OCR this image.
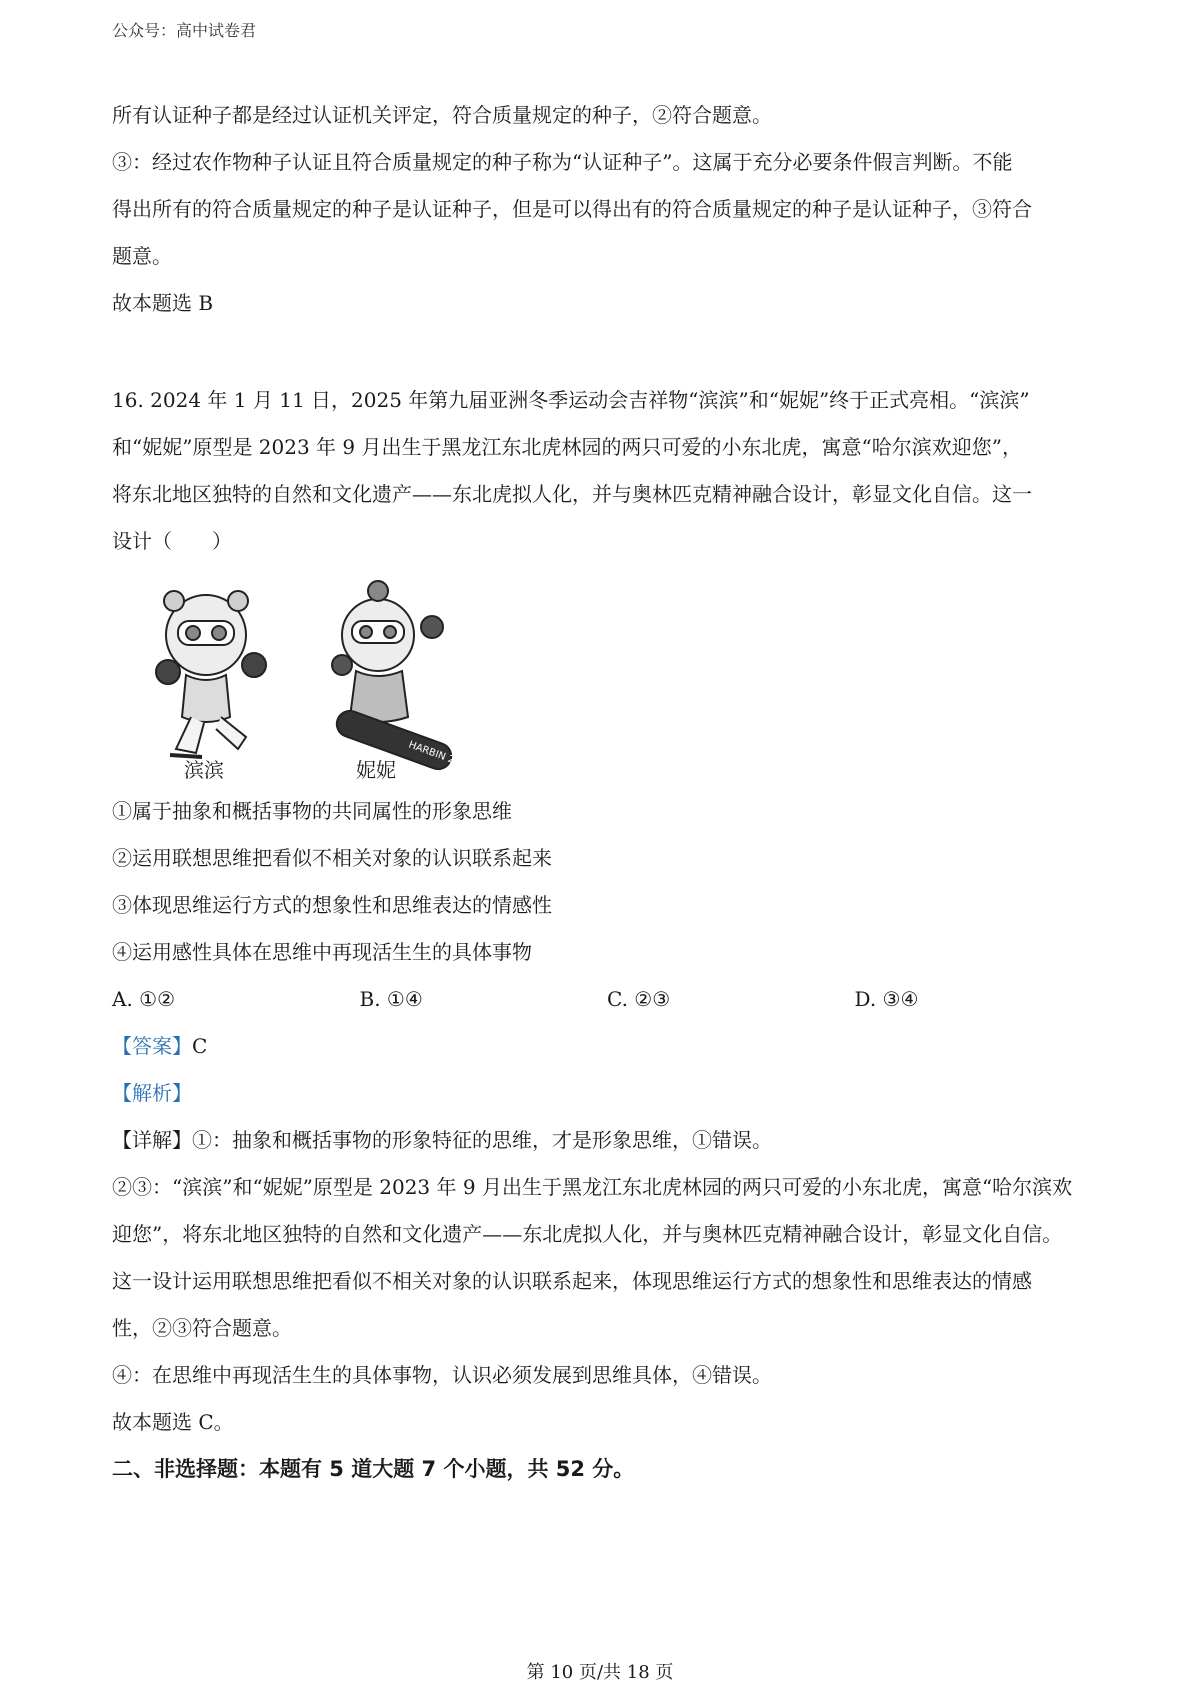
公众号：高中试卷君

所有认证种子都是经过认证机关评定，符合质量规定的种子，②符合题意。

③：经过农作物种子认证且符合质量规定的种子称为“认证种子”。这属于充分必要条件假言判断。不能

得出所有的符合质量规定的种子是认证种子，但是可以得出有的符合质量规定的种子是认证种子，③符合

题意。

故本题选 B

16. 2024 年 1 月 11 日，2025 年第九届亚洲冬季运动会吉祥物“滨滨”和“妮妮”终于正式亮相。“滨滨”

和“妮妮”原型是 2023 年 9 月出生于黑龙江东北虎林园的两只可爱的小东北虎，寓意“哈尔滨欢迎您”，

将东北地区独特的自然和文化遗产——东北虎拟人化，并与奥林匹克精神融合设计，彰显文化自信。这一

设计（　　）

滨滨	HARBIN 2025
妮妮

①属于抽象和概括事物的共同属性的形象思维

②运用联想思维把看似不相关对象的认识联系起来

③体现思维运行方式的想象性和思维表达的情感性

④运用感性具体在思维中再现活生生的具体事物

A. ①②	B. ①④	C. ②③	D. ③④

【答案】C

【解析】

【详解】①：抽象和概括事物的形象特征的思维，才是形象思维，①错误。

②③：“滨滨”和“妮妮”原型是 2023 年 9 月出生于黑龙江东北虎林园的两只可爱的小东北虎，寓意“哈尔滨欢

迎您”，将东北地区独特的自然和文化遗产——东北虎拟人化，并与奥林匹克精神融合设计，彰显文化自信。

这一设计运用联想思维把看似不相关对象的认识联系起来，体现思维运行方式的想象性和思维表达的情感

性，②③符合题意。

④：在思维中再现活生生的具体事物，认识必须发展到思维具体，④错误。

故本题选 C。

二、非选择题：本题有 5 道大题 7 个小题，共 52 分。

第 10 页/共 18 页
